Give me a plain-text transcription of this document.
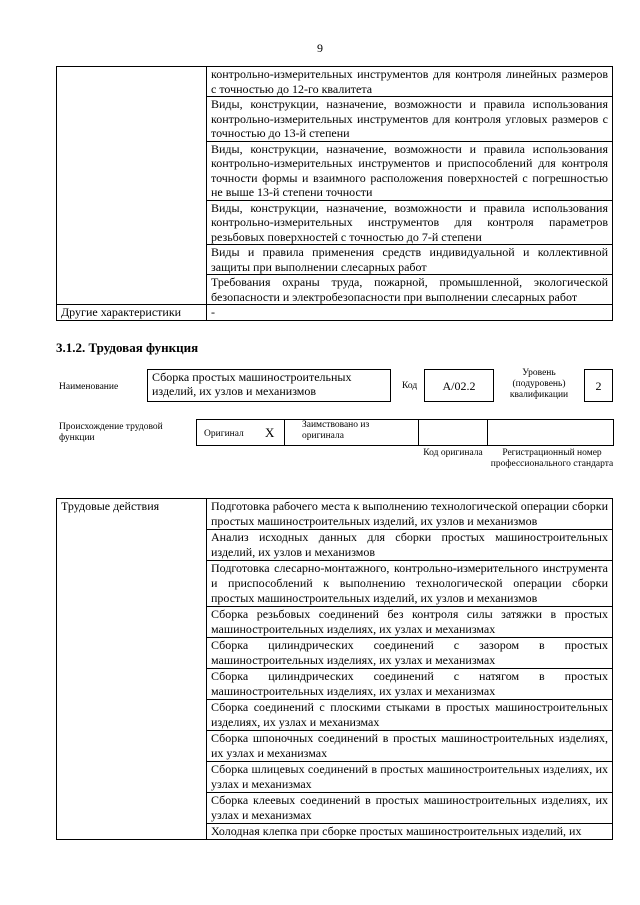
9
	контрольно-измерительных инструментов для контроля линейных размеров с точностью до 12-го квалитета
	Виды, конструкции, назначение, возможности и правила использования контрольно-измерительных инструментов для контроля угловых размеров с точностью до 13-й степени
	Виды, конструкции, назначение, возможности и правила использования контрольно-измерительных инструментов и приспособлений для контроля точности формы и взаимного расположения поверхностей с погрешностью не выше 13-й степени точности
	Виды, конструкции, назначение, возможности и правила использования контрольно-измерительных инструментов для контроля параметров резьбовых поверхностей с точностью до 7-й степени
	Виды и правила применения средств индивидуальной и коллективной защиты при выполнении слесарных работ
	Требования охраны труда, пожарной, промышленной, экологической безопасности и электробезопасности при выполнении слесарных работ
Другие характеристики	-
3.1.2. Трудовая функция
Наименование
Сборка простых машиностроительных изделий, их узлов и механизмов	Код	A/02.2
Уровень (подуровень) квалификации
2
Происхождение трудовой функции	Оригинал X	Заимствовано из оригинала
Код оригинала	Регистрационный номер профессионального стандарта
Трудовые действия	Подготовка рабочего места к выполнению технологической операции сборки простых машиностроительных изделий, их узлов и механизмов
Анализ исходных данных для сборки простых машиностроительных изделий, их узлов и механизмов
Подготовка слесарно-монтажного, контрольно-измерительного инструмента и приспособлений к выполнению технологической операции сборки простых машиностроительных изделий, их узлов и механизмов
Сборка резьбовых соединений без контроля силы затяжки в простых машиностроительных изделиях, их узлах и механизмах
Сборка цилиндрических соединений с зазором в простых машиностроительных изделиях, их узлах и механизмах
Сборка цилиндрических соединений с натягом в простых машиностроительных изделиях, их узлах и механизмах
Сборка соединений с плоскими стыками в простых машиностроительных изделиях, их узлах и механизмах
Сборка шпоночных соединений в простых машиностроительных изделиях, их узлах и механизмах
Сборка шлицевых соединений в простых машиностроительных изделиях, их узлах и механизмах
Сборка клеевых соединений в простых машиностроительных изделиях, их узлах и механизмах
Холодная клепка при сборке простых машиностроительных изделий, их
